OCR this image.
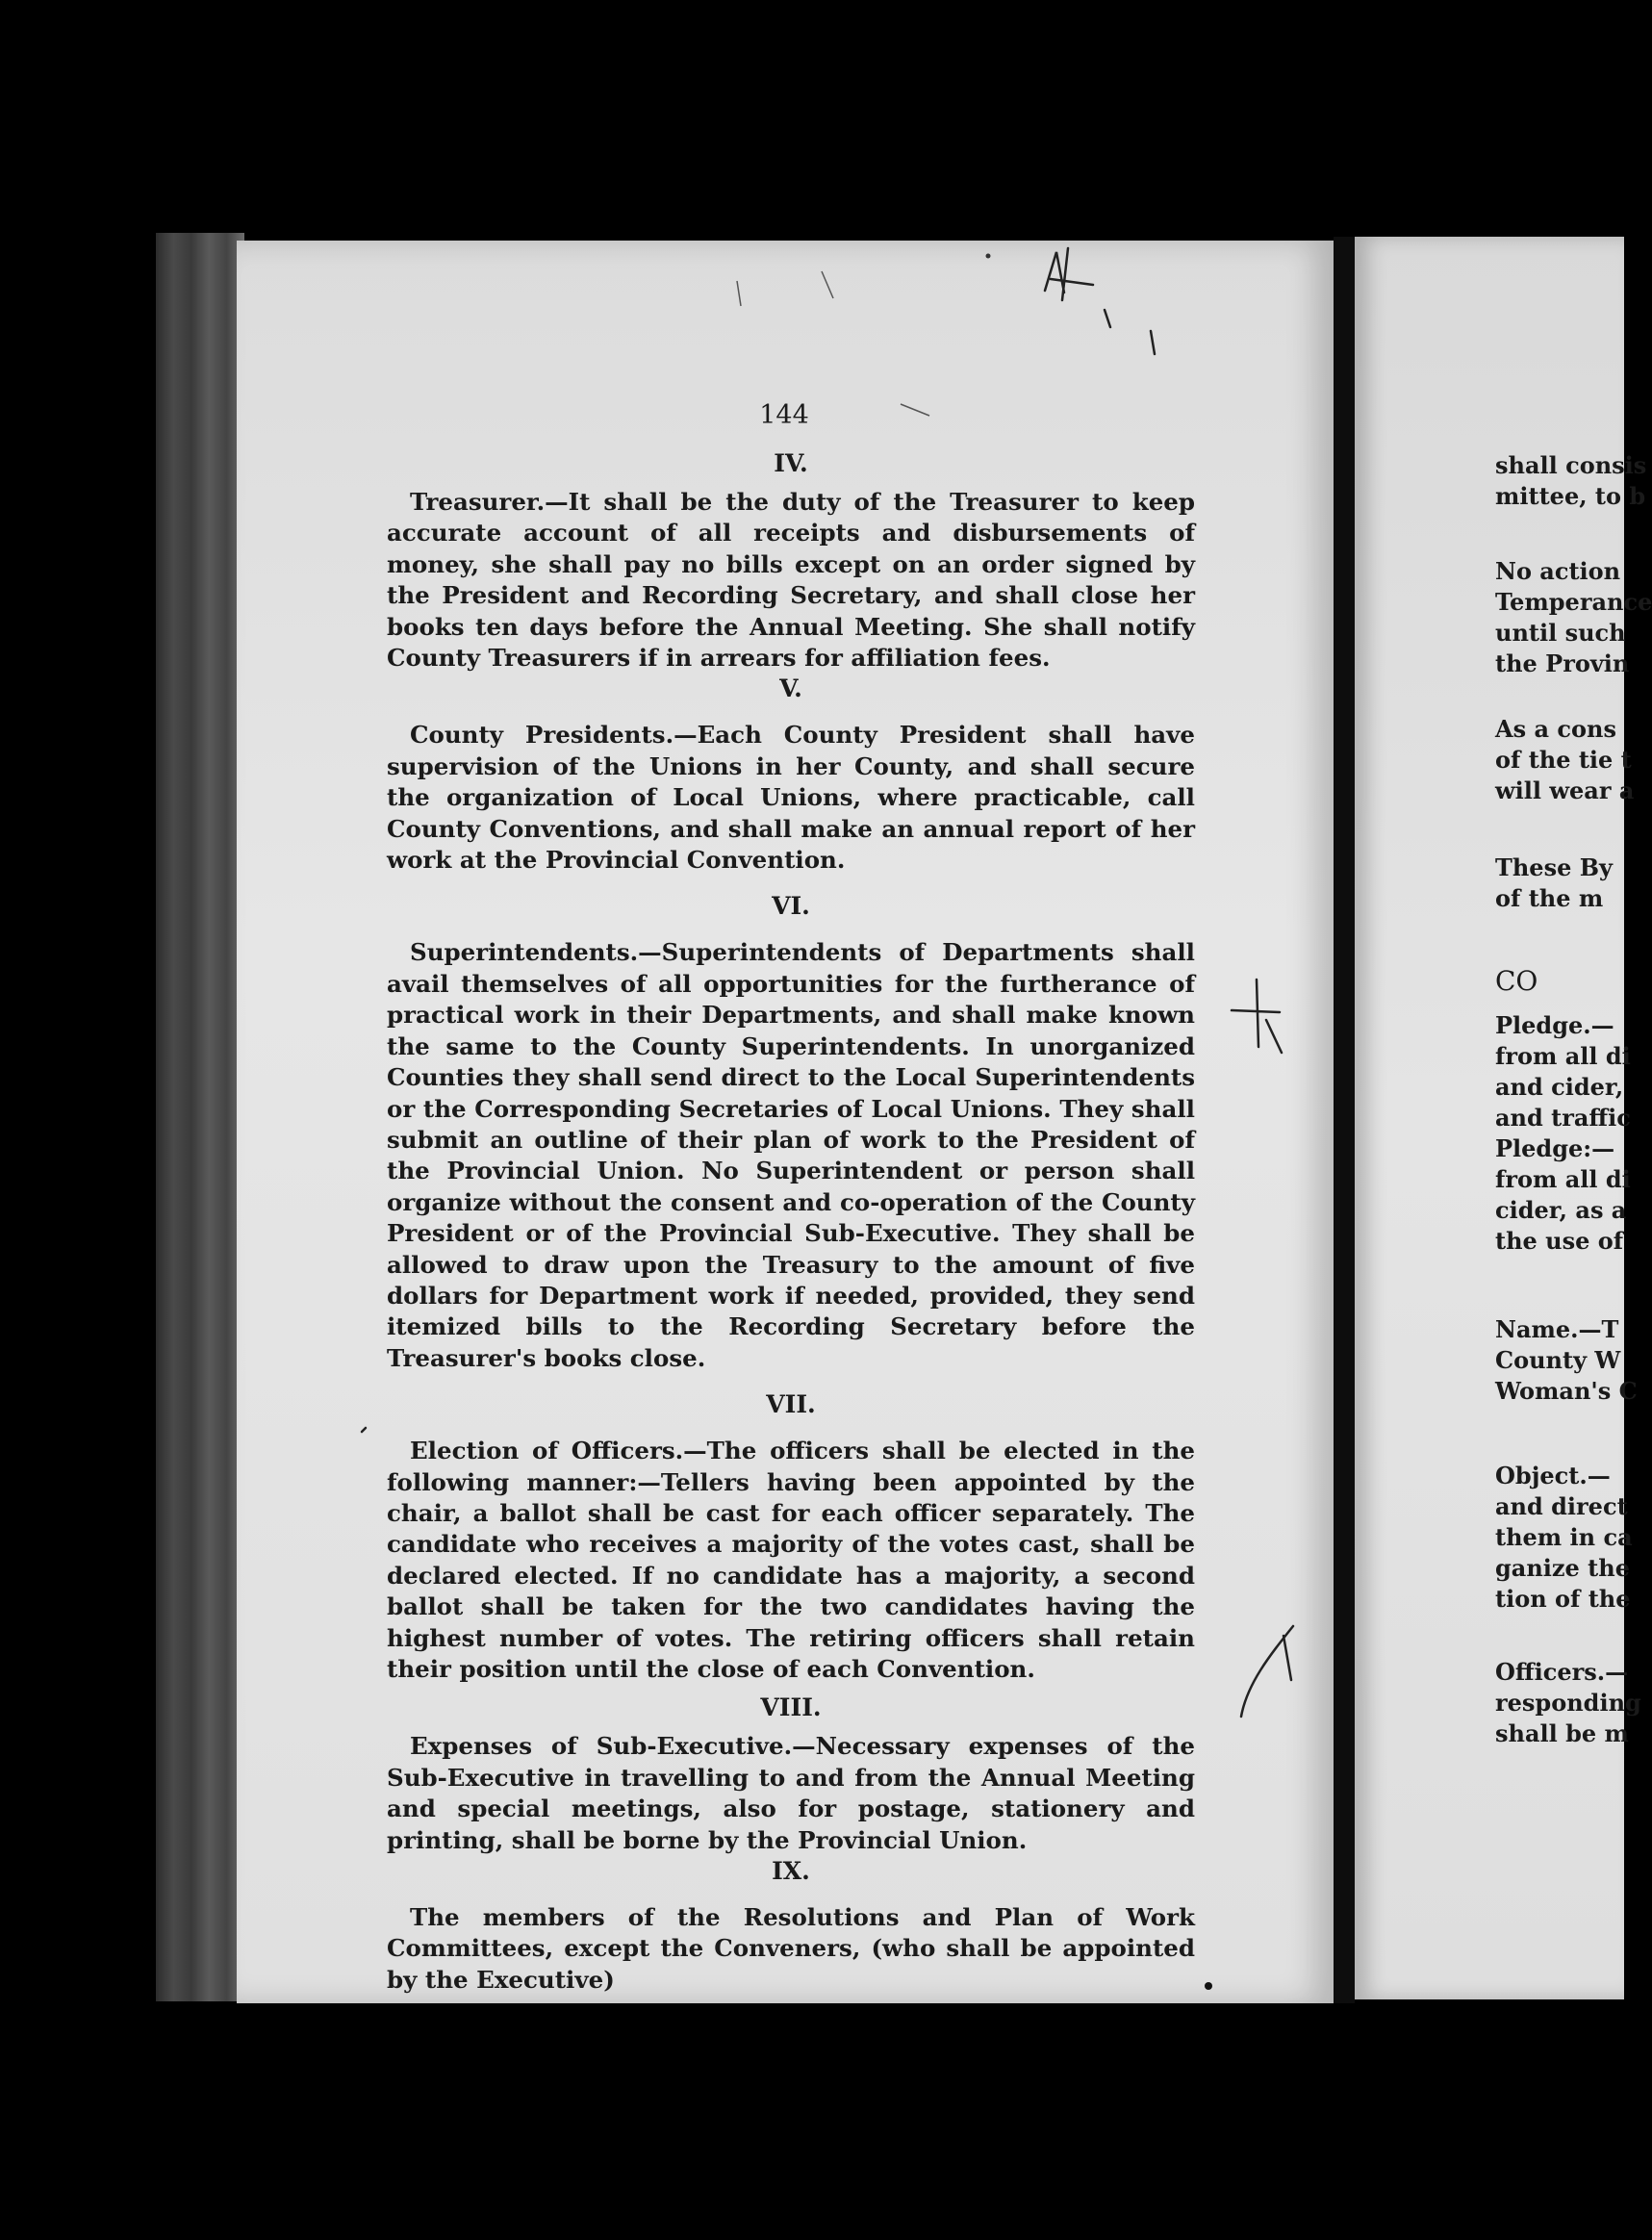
144

IV.

Treasurer.—It shall be the duty of the Treasurer to keep accurate account of all receipts and disbursements of money, she shall pay no bills except on an order signed by the President and Recording Secretary, and shall close her books ten days before the Annual Meeting. She shall notify County Treasurers if in arrears for affiliation fees.

V.

County Presidents.—Each County President shall have supervision of the Unions in her County, and shall secure the organization of Local Unions, where practicable, call County Conventions, and shall make an annual report of her work at the Provincial Convention.

VI.

Superintendents.—Superintendents of Departments shall avail themselves of all opportunities for the furtherance of practical work in their Departments, and shall make known the same to the County Superintendents. In unorganized Counties they shall send direct to the Local Superintendents or the Corresponding Secretaries of Local Unions. They shall submit an outline of their plan of work to the President of the Provincial Union. No Superintendent or person shall organize without the consent and co-operation of the County President or of the Provincial Sub-Executive. They shall be allowed to draw upon the Treasury to the amount of five dollars for Department work if needed, provided, they send itemized bills to the Recording Secretary before the Treasurer's books close.

VII.

Election of Officers.—The officers shall be elected in the following manner:—Tellers having been appointed by the chair, a ballot shall be cast for each officer separately. The candidate who receives a majority of the votes cast, shall be declared elected. If no candidate has a majority, a second ballot shall be taken for the two candidates having the highest number of votes. The retiring officers shall retain their position until the close of each Convention.

VIII.

Expenses of Sub-Executive.—Necessary expenses of the Sub-Executive in travelling to and from the Annual Meeting and special meetings, also for postage, stationery and printing, shall be borne by the Provincial Union.

IX.

The members of the Resolutions and Plan of Work Committees, except the Conveners, (who shall be appointed by the Executive)

shall consis
mittee, to b
No action
Temperance
until such
the Provin
As a cons
of the tie t
will wear a
These By
of the m
CO
Pledge.—
from all di
and cider,
and traffic
Pledge:—
from all di
cider, as a
the use of
Name.—T
County W
Woman's C
Object.—
and direct
them in ca
ganize the
tion of the
Officers.—
responding
shall be m
